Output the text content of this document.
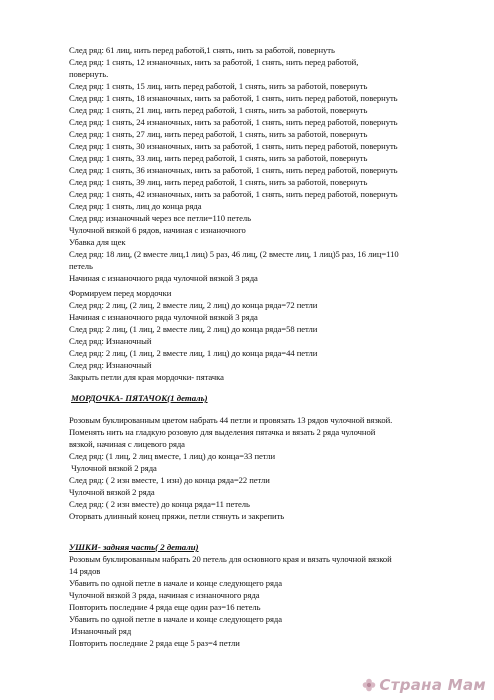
След ряд: 61 лиц, нить перед работой,1 снять, нить за работой, повернуть
След ряд: 1 снять, 12 изнаночных, нить за работой, 1 снять, нить перед работой,
повернуть.
След ряд: 1 снять, 15 лиц, нить перед работой, 1 снять, нить за работой, повернуть
След ряд: 1 снять, 18 изнаночных, нить за работой, 1 снять, нить перед работой, повернуть
След ряд: 1 снять, 21 лиц, нить перед работой, 1 снять, нить за работой, повернуть
След ряд: 1 снять, 24 изнаночных, нить за работой, 1 снять, нить перед работой, повернуть
След ряд: 1 снять, 27 лиц, нить перед работой, 1 снять, нить за работой, повернуть
След ряд: 1 снять, 30 изнаночных, нить за работой, 1 снять, нить перед работой, повернуть
След ряд: 1 снять, 33 лиц, нить перед работой, 1 снять, нить за работой, повернуть
След ряд: 1 снять, 36 изнаночных, нить за работой, 1 снять, нить перед работой, повернуть
След ряд: 1 снять, 39 лиц, нить перед работой, 1 снять, нить за работой, повернуть
След ряд: 1 снять, 42 изнаночных, нить за работой, 1 снять, нить перед работой, повернуть
След ряд: 1 снять, лиц до конца ряда
След ряд: изнаночный через все петли=110 петель
Чулочной вязкой 6 рядов, начиная с изнаночного
Убавка для щек
След ряд: 18 лиц, (2 вместе лиц,1 лиц) 5 раз, 46 лиц, (2 вместе лиц, 1 лиц)5 раз, 16 лиц=110
петель
Начиная с изнаночного ряда чулочной вязкой 3 ряда
Формируем перед мордочки
След ряд: 2 лиц, (2 лиц, 2 вместе лиц, 2 лиц) до конца ряда=72 петли
Начиная с изнаночного ряда чулочной вязкой 3 ряда
След ряд: 2 лиц, (1 лиц, 2 вместе лиц, 2 лиц) до конца ряда=58 петли
След ряд: Изнаночный
След ряд: 2 лиц, (1 лиц, 2 вместе лиц, 1 лиц) до конца ряда=44 петли
След ряд: Изнаночный
Закрыть петли для края мордочки- пятачка
МОРДОЧКА- ПЯТАЧОК(1 деталь)
Розовым буклированным цветом набрать 44 петли и провязать 13 рядов чулочной вязкой.
Поменять нить на гладкую розовую для выделения пятачка и вязать 2 ряда чулочной
вязкой, начиная с лицевого ряда
След ряд: (1 лиц, 2 лиц вместе, 1 лиц) до конца=33 петли
Чулочной вязкой 2 ряда
След ряд: ( 2 изн вместе, 1 изн) до конца ряда=22 петли
Чулочной вязкой 2 ряда
След ряд: ( 2 изн вместе) до конца ряда=11 петель
Оторвать длинный конец пряжи, петли стянуть и закрепить
УШКИ- задняя часть( 2 детали)
Розовым буклированным набрать 20 петель для основного края и вязать чулочной вязкой
14 рядов
Убавить по одной петле в начале и конце следующего ряда
Чулочной вязкой 3 ряда, начиная с изнаночного ряда
Повторить последние 4 ряда еще один раз=16 петель
Убавить по одной петле в начале и конце следующего ряда
Изнаночный ряд
Повторить последние 2 ряда еще 5 раз=4 петли
Страна Мам
